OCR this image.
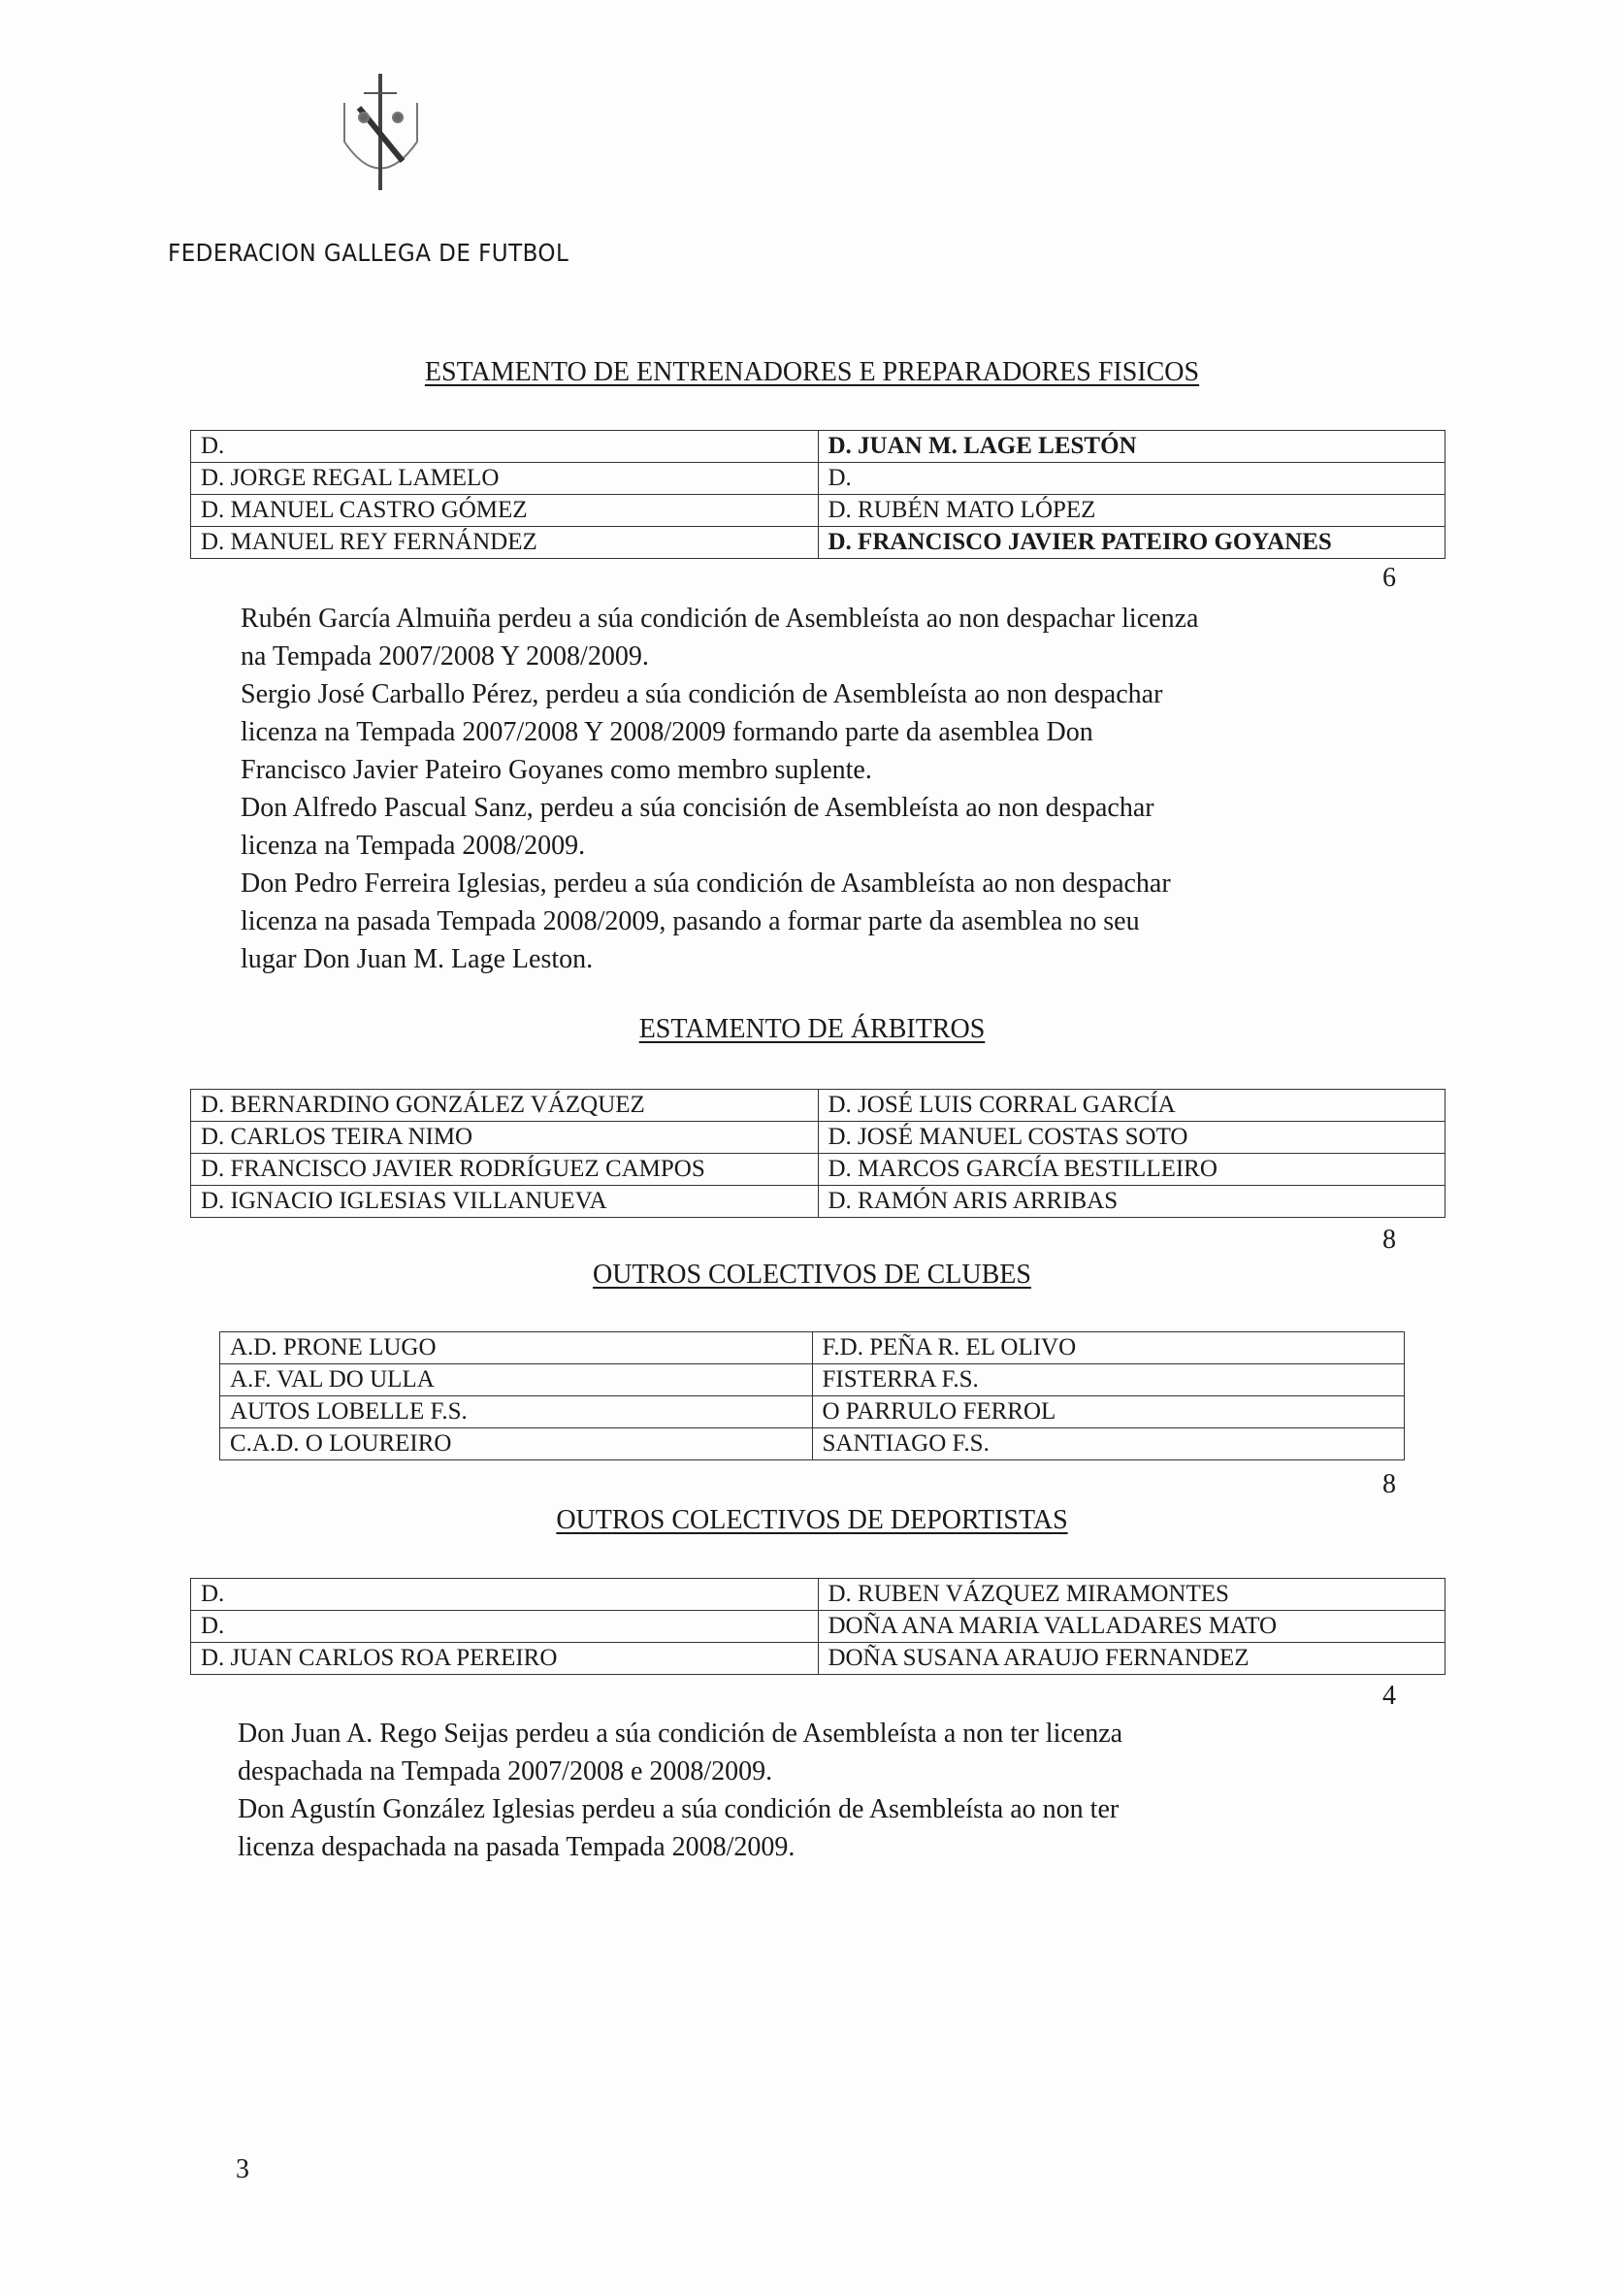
FEDERACION GALLEGA DE FUTBOL
ESTAMENTO DE ENTRENADORES E PREPARADORES FISICOS
D.	D. JUAN M. LAGE LESTÓN
D. JORGE REGAL LAMELO	D.
D. MANUEL CASTRO GÓMEZ	D. RUBÉN MATO LÓPEZ
D. MANUEL REY FERNÁNDEZ	D. FRANCISCO JAVIER PATEIRO GOYANES
6
Rubén García Almuiña perdeu a súa condición de Asembleísta ao non despachar licenza
na Tempada 2007/2008 Y 2008/2009.
Sergio José Carballo Pérez, perdeu a súa condición de Asembleísta ao non despachar
licenza na Tempada 2007/2008 Y 2008/2009 formando parte da asemblea Don
Francisco Javier Pateiro Goyanes como membro suplente.
Don Alfredo Pascual Sanz, perdeu a súa concisión de Asembleísta ao non despachar
licenza na Tempada 2008/2009.
Don Pedro Ferreira Iglesias, perdeu a súa condición de Asambleísta ao non despachar
licenza na pasada Tempada 2008/2009, pasando a formar parte da asemblea no seu
lugar Don Juan M. Lage Leston.
ESTAMENTO DE ÁRBITROS
D. BERNARDINO GONZÁLEZ VÁZQUEZ	D. JOSÉ LUIS CORRAL GARCÍA
D. CARLOS TEIRA NIMO	D. JOSÉ MANUEL COSTAS SOTO
D. FRANCISCO JAVIER RODRÍGUEZ CAMPOS	D. MARCOS GARCÍA BESTILLEIRO
D. IGNACIO IGLESIAS VILLANUEVA	D. RAMÓN ARIS ARRIBAS
8
OUTROS COLECTIVOS DE CLUBES
A.D. PRONE LUGO	F.D. PEÑA R. EL OLIVO
A.F. VAL DO ULLA	FISTERRA F.S.
AUTOS LOBELLE F.S.	O PARRULO FERROL
C.A.D. O LOUREIRO	SANTIAGO F.S.
8
OUTROS COLECTIVOS DE DEPORTISTAS
D.	D. RUBEN VÁZQUEZ MIRAMONTES
D.	DOÑA ANA MARIA VALLADARES MATO
D. JUAN CARLOS ROA PEREIRO	DOÑA SUSANA ARAUJO FERNANDEZ
4
Don Juan A. Rego Seijas perdeu a súa condición de Asembleísta a non ter licenza
despachada na Tempada 2007/2008 e 2008/2009.
Don Agustín González Iglesias perdeu a súa condición de Asembleísta ao non ter
licenza despachada na pasada Tempada 2008/2009.
3
